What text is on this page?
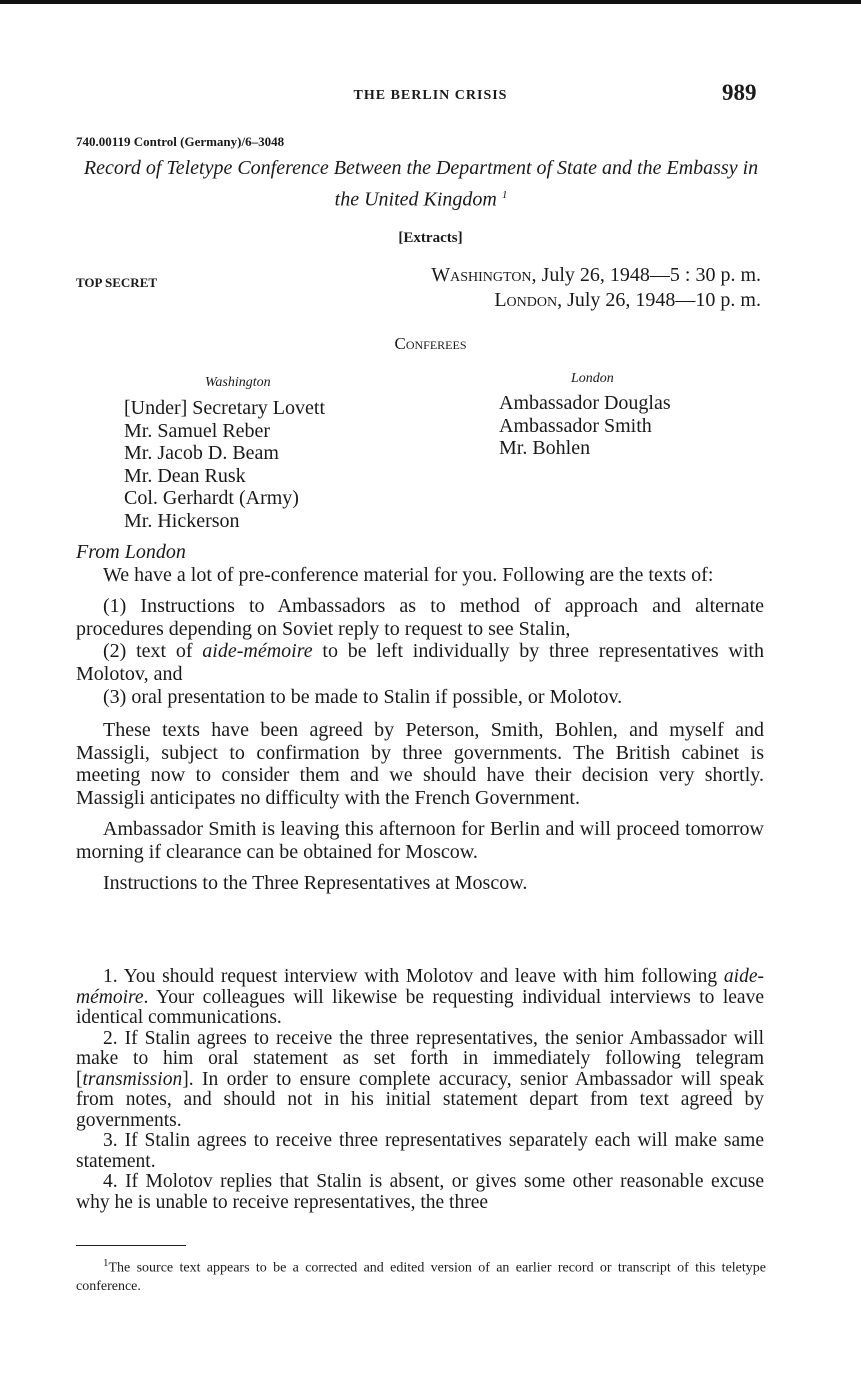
THE BERLIN CRISIS	989
740.00119 Control (Germany)/6–3048
Record of Teletype Conference Between the Department of State and the Embassy in the United Kingdom $^1$
[Extracts]
TOP SECRET	Washington, July 26, 1948—5 : 30 p. m.
London, July 26, 1948—10 p. m.
Conferees
Washington	London
[Under] Secretary Lovett
Mr. Samuel Reber
Mr. Jacob D. Beam
Mr. Dean Rusk
Col. Gerhardt (Army)
Mr. Hickerson
Ambassador Douglas
Ambassador Smith
Mr. Bohlen
From London

We have a lot of pre-conference material for you. Following are the texts of:

(1) Instructions to Ambassadors as to method of approach and alternate procedures depending on Soviet reply to request to see Stalin,

(2) text of aide-mémoire to be left individually by three representatives with Molotov, and

(3) oral presentation to be made to Stalin if possible, or Molotov.

These texts have been agreed by Peterson, Smith, Bohlen, and myself and Massigli, subject to confirmation by three governments. The British cabinet is meeting now to consider them and we should have their decision very shortly. Massigli anticipates no difficulty with the French Government.

Ambassador Smith is leaving this afternoon for Berlin and will proceed tomorrow morning if clearance can be obtained for Moscow.

Instructions to the Three Representatives at Moscow.

1. You should request interview with Molotov and leave with him following aide-mémoire. Your colleagues will likewise be requesting individual interviews to leave identical communications.

2. If Stalin agrees to receive the three representatives, the senior Ambassador will make to him oral statement as set forth in immediately following telegram [transmission]. In order to ensure complete accuracy, senior Ambassador will speak from notes, and should not in his initial statement depart from text agreed by governments.

3. If Stalin agrees to receive three representatives separately each will make same statement.

4. If Molotov replies that Stalin is absent, or gives some other reasonable excuse why he is unable to receive representatives, the three

$^1$The source text appears to be a corrected and edited version of an earlier record or transcript of this teletype conference.
